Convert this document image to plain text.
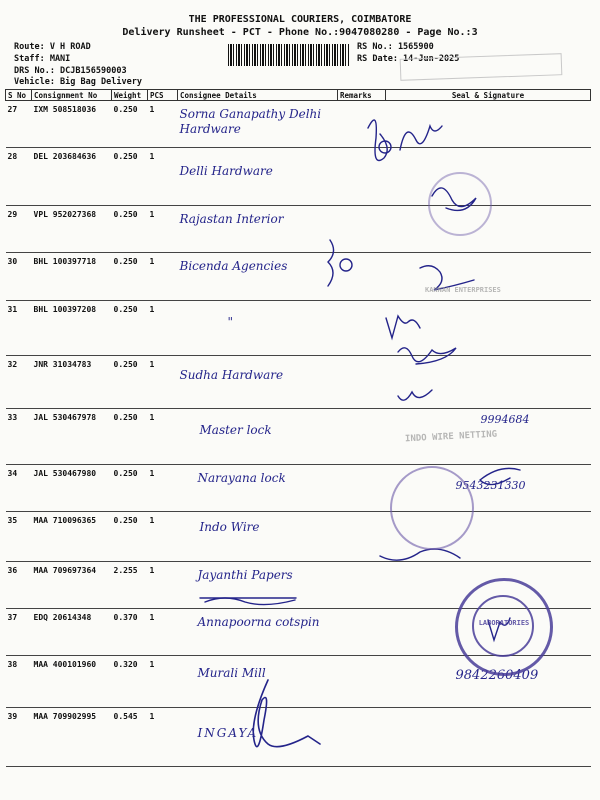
THE PROFESSIONAL COURIERS, COIMBATORE
Delivery Runsheet - PCT - Phone No.:9047080280 - Page No.:3
Route: V H ROAD
Staff: MANI
DRS No.: DCJB156590003
Vehicle: Big Bag Delivery
RS No.: 1565900
RS Date: 14-Jun-2025
S No	Consignment No	Weight	PCS	Consignee Details	Remarks	Seal & Signature
27	IXM 508518036	0.250	1	Sorna Ganapathy Delhi Hardware		
28	DEL 203684636	0.250	1	Delli Hardware		
29	VPL 952027368	0.250	1	Rajastan Interior		
30	BHL 100397718	0.250	1	Bicenda Agencies		
31	BHL 100397208	0.250	1	"		
32	JNR 31034783	0.250	1	Sudha Hardware		
33	JAL 530467978	0.250	1	Master lock		9994684

34	JAL 530467980	0.250	1	Narayana lock		9543231330

35	MAA 710096365	0.250	1	Indo Wire		
36	MAA 709697364	2.255	1	Jayanthi Papers		
37	EDQ 20614348	0.370	1	Annapoorna cotspin		
38	MAA 400101960	0.320	1	Murali Mill		9842260409

39	MAA 709902995	0.545	1	INGAYA		
INDO WIRE NETTING
KANNAN ENTERPRISES
LABORATORIES
